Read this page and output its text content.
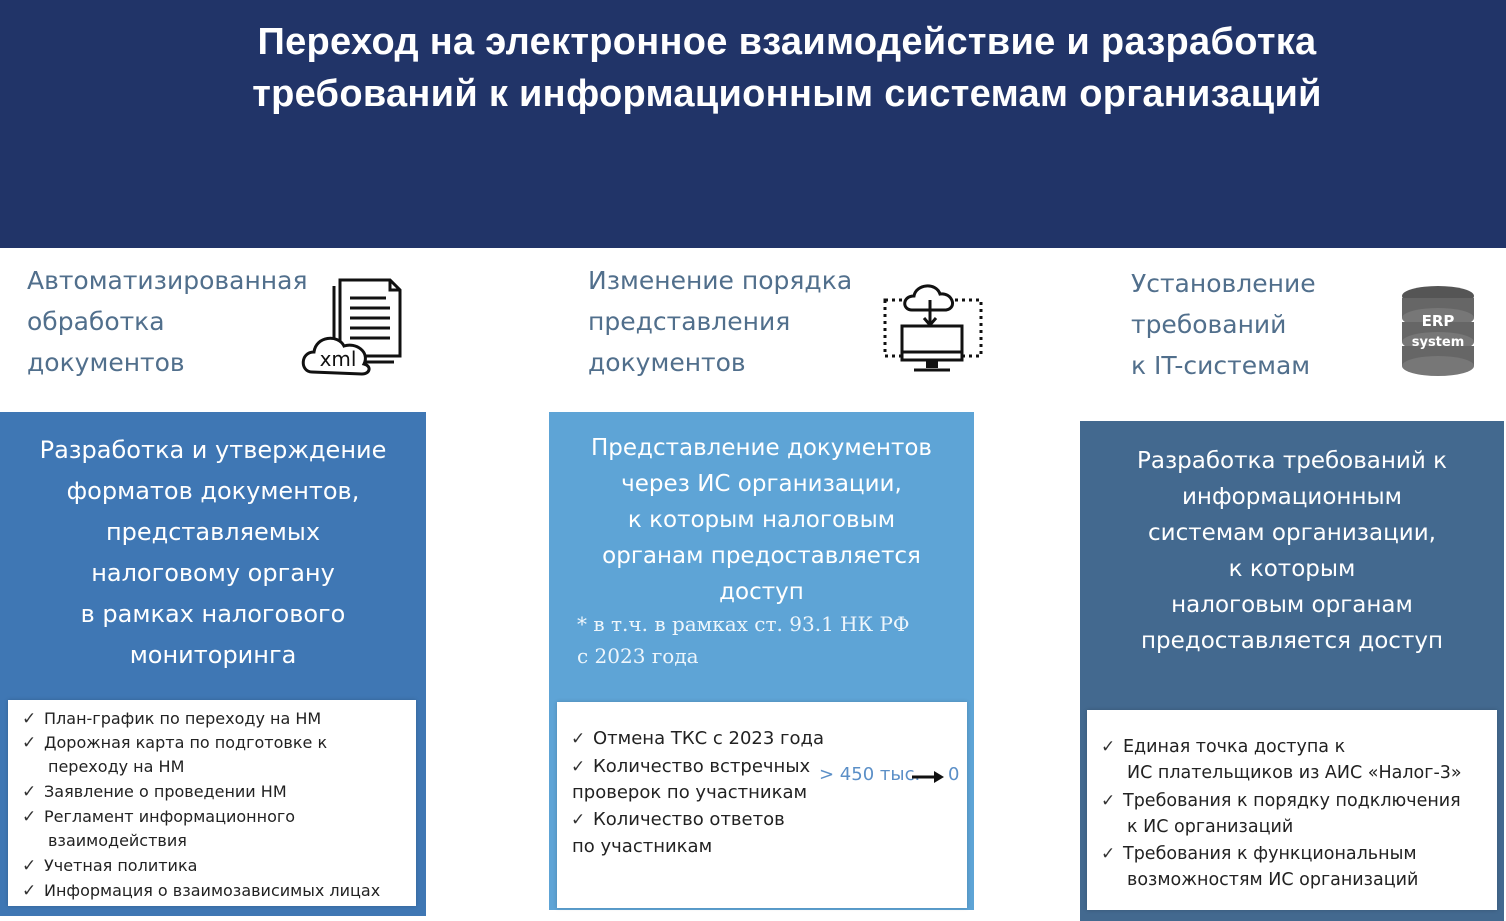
Переход на электронное взаимодействие и разработка
требований к информационным системам организаций
Автоматизированная
обработка
документов	xml
Изменение порядка
представления
документов
Установление
требований
к IT-системам
ERP
system
Разработка и утверждение
форматов документов,
представляемых
налоговому органу
в рамках налогового
мониторинга
✓ План-график по переходу на НМ
✓ Дорожная карта по подготовке к
переходу на НМ
✓ Заявление о проведении НМ
✓ Регламент информационного
взаимодействия
✓ Учетная политика
✓ Информация о взаимозависимых лицах
Представление документов
через ИС организации,
к которым налоговым
органам предоставляется
доступ
* в т.ч. в рамках ст. 93.1 НК РФ
с 2023 года
✓ Отмена ТКС с 2023 года
✓ Количество встречных
проверок по участникам
✓ Количество ответов
по участникам
> 450 тыс. 0
Разработка требований к
информационным
системам организации,
к которым
налоговым органам
предоставляется доступ
✓ Единая точка доступа к
ИС плательщиков из АИС «Налог-3»
✓ Требования к порядку подключения
к ИС организаций
✓ Требования к функциональным
возможностям ИС организаций
